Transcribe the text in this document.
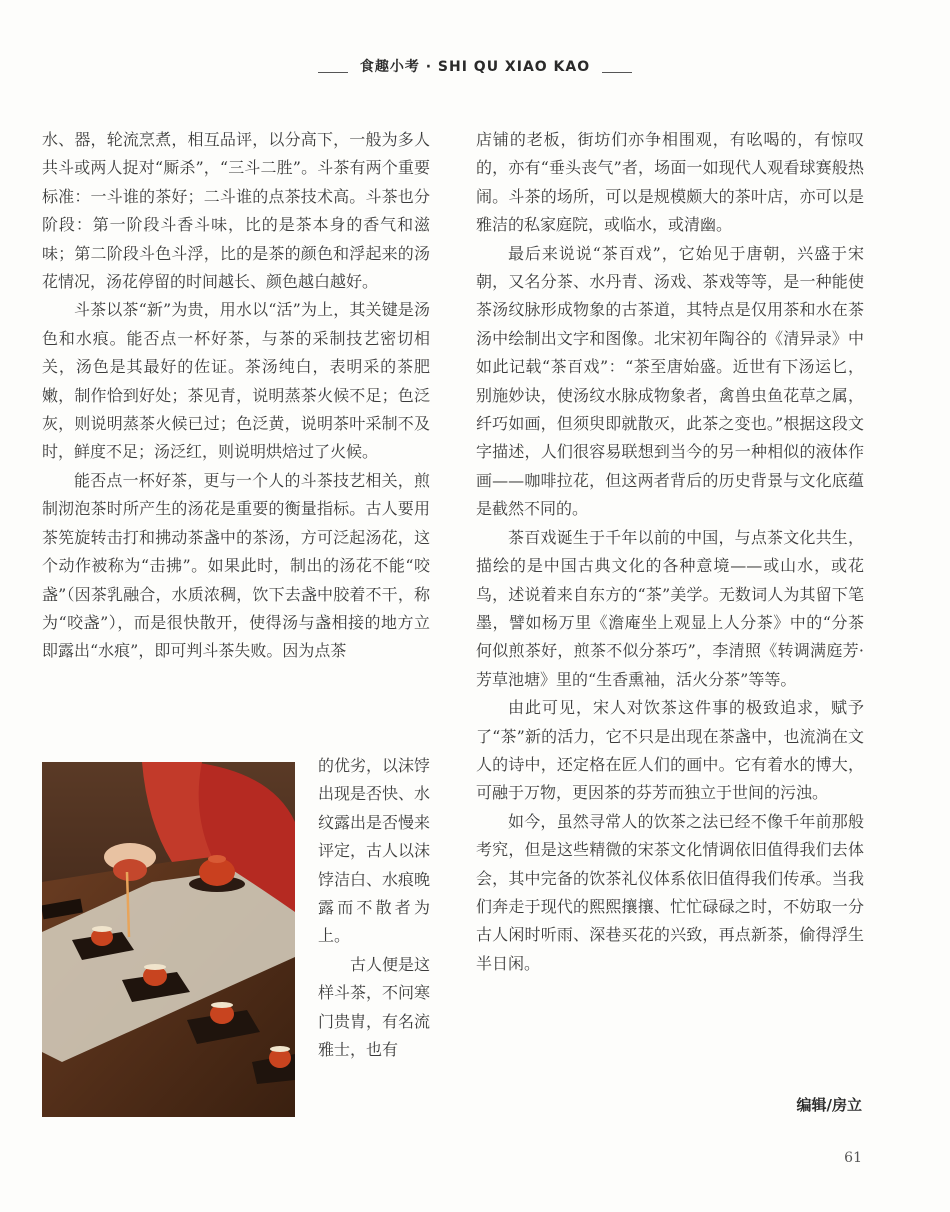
食趣小考 · SHI QU XIAO KAO

水、器，轮流烹煮，相互品评，以分高下，一般为多人共斗或两人捉对“厮杀”，“三斗二胜”。斗茶有两个重要标准：一斗谁的茶好；二斗谁的点茶技术高。斗茶也分阶段：第一阶段斗香斗味，比的是茶本身的香气和滋味；第二阶段斗色斗浮，比的是茶的颜色和浮起来的汤花情况，汤花停留的时间越长、颜色越白越好。

斗茶以茶“新”为贵，用水以“活”为上，其关键是汤色和水痕。能否点一杯好茶，与茶的采制技艺密切相关，汤色是其最好的佐证。茶汤纯白，表明采的茶肥嫩，制作恰到好处；茶见青，说明蒸茶火候不足；色泛灰，则说明蒸茶火候已过；色泛黄，说明茶叶采制不及时，鲜度不足；汤泛红，则说明烘焙过了火候。

能否点一杯好茶，更与一个人的斗茶技艺相关，煎制沏泡茶时所产生的汤花是重要的衡量指标。古人要用茶筅旋转击打和拂动茶盏中的茶汤，方可泛起汤花，这个动作被称为“击拂”。如果此时，制出的汤花不能“咬盏”（因茶乳融合，水质浓稠，饮下去盏中胶着不干，称为“咬盏”），而是很快散开，使得汤与盏相接的地方立即露出“水痕”，即可判斗茶失败。因为点茶

的优劣，以沫饽出现是否快、水纹露出是否慢来评定，古人以沫饽洁白、水痕晚露而不散者为上。

古人便是这样斗茶，不问寒门贵胄，有名流雅士，也有

店铺的老板，街坊们亦争相围观，有吆喝的，有惊叹的，亦有“垂头丧气”者，场面一如现代人观看球赛般热闹。斗茶的场所，可以是规模颇大的茶叶店，亦可以是雅洁的私家庭院，或临水，或清幽。

最后来说说“茶百戏”，它始见于唐朝，兴盛于宋朝，又名分茶、水丹青、汤戏、茶戏等等，是一种能使茶汤纹脉形成物象的古茶道，其特点是仅用茶和水在茶汤中绘制出文字和图像。北宋初年陶谷的《清异录》中如此记载“茶百戏”：“茶至唐始盛。近世有下汤运匕，别施妙诀，使汤纹水脉成物象者，禽兽虫鱼花草之属，纤巧如画，但须臾即就散灭，此茶之变也。”根据这段文字描述，人们很容易联想到当今的另一种相似的液体作画——咖啡拉花，但这两者背后的历史背景与文化底蕴是截然不同的。

茶百戏诞生于千年以前的中国，与点茶文化共生，描绘的是中国古典文化的各种意境——或山水，或花鸟，述说着来自东方的“茶”美学。无数词人为其留下笔墨，譬如杨万里《澹庵坐上观显上人分茶》中的“分茶何似煎茶好，煎茶不似分茶巧”，李清照《转调满庭芳·芳草池塘》里的“生香熏袖，活火分茶”等等。

由此可见，宋人对饮茶这件事的极致追求，赋予了“茶”新的活力，它不只是出现在茶盏中，也流淌在文人的诗中，还定格在匠人们的画中。它有着水的博大，可融于万物，更因茶的芬芳而独立于世间的污浊。

如今，虽然寻常人的饮茶之法已经不像千年前那般考究，但是这些精微的宋茶文化情调依旧值得我们去体会，其中完备的饮茶礼仪体系依旧值得我们传承。当我们奔走于现代的熙熙攘攘、忙忙碌碌之时，不妨取一分古人闲时听雨、深巷买花的兴致，再点新茶，偷得浮生半日闲。

编辑/房立
61
